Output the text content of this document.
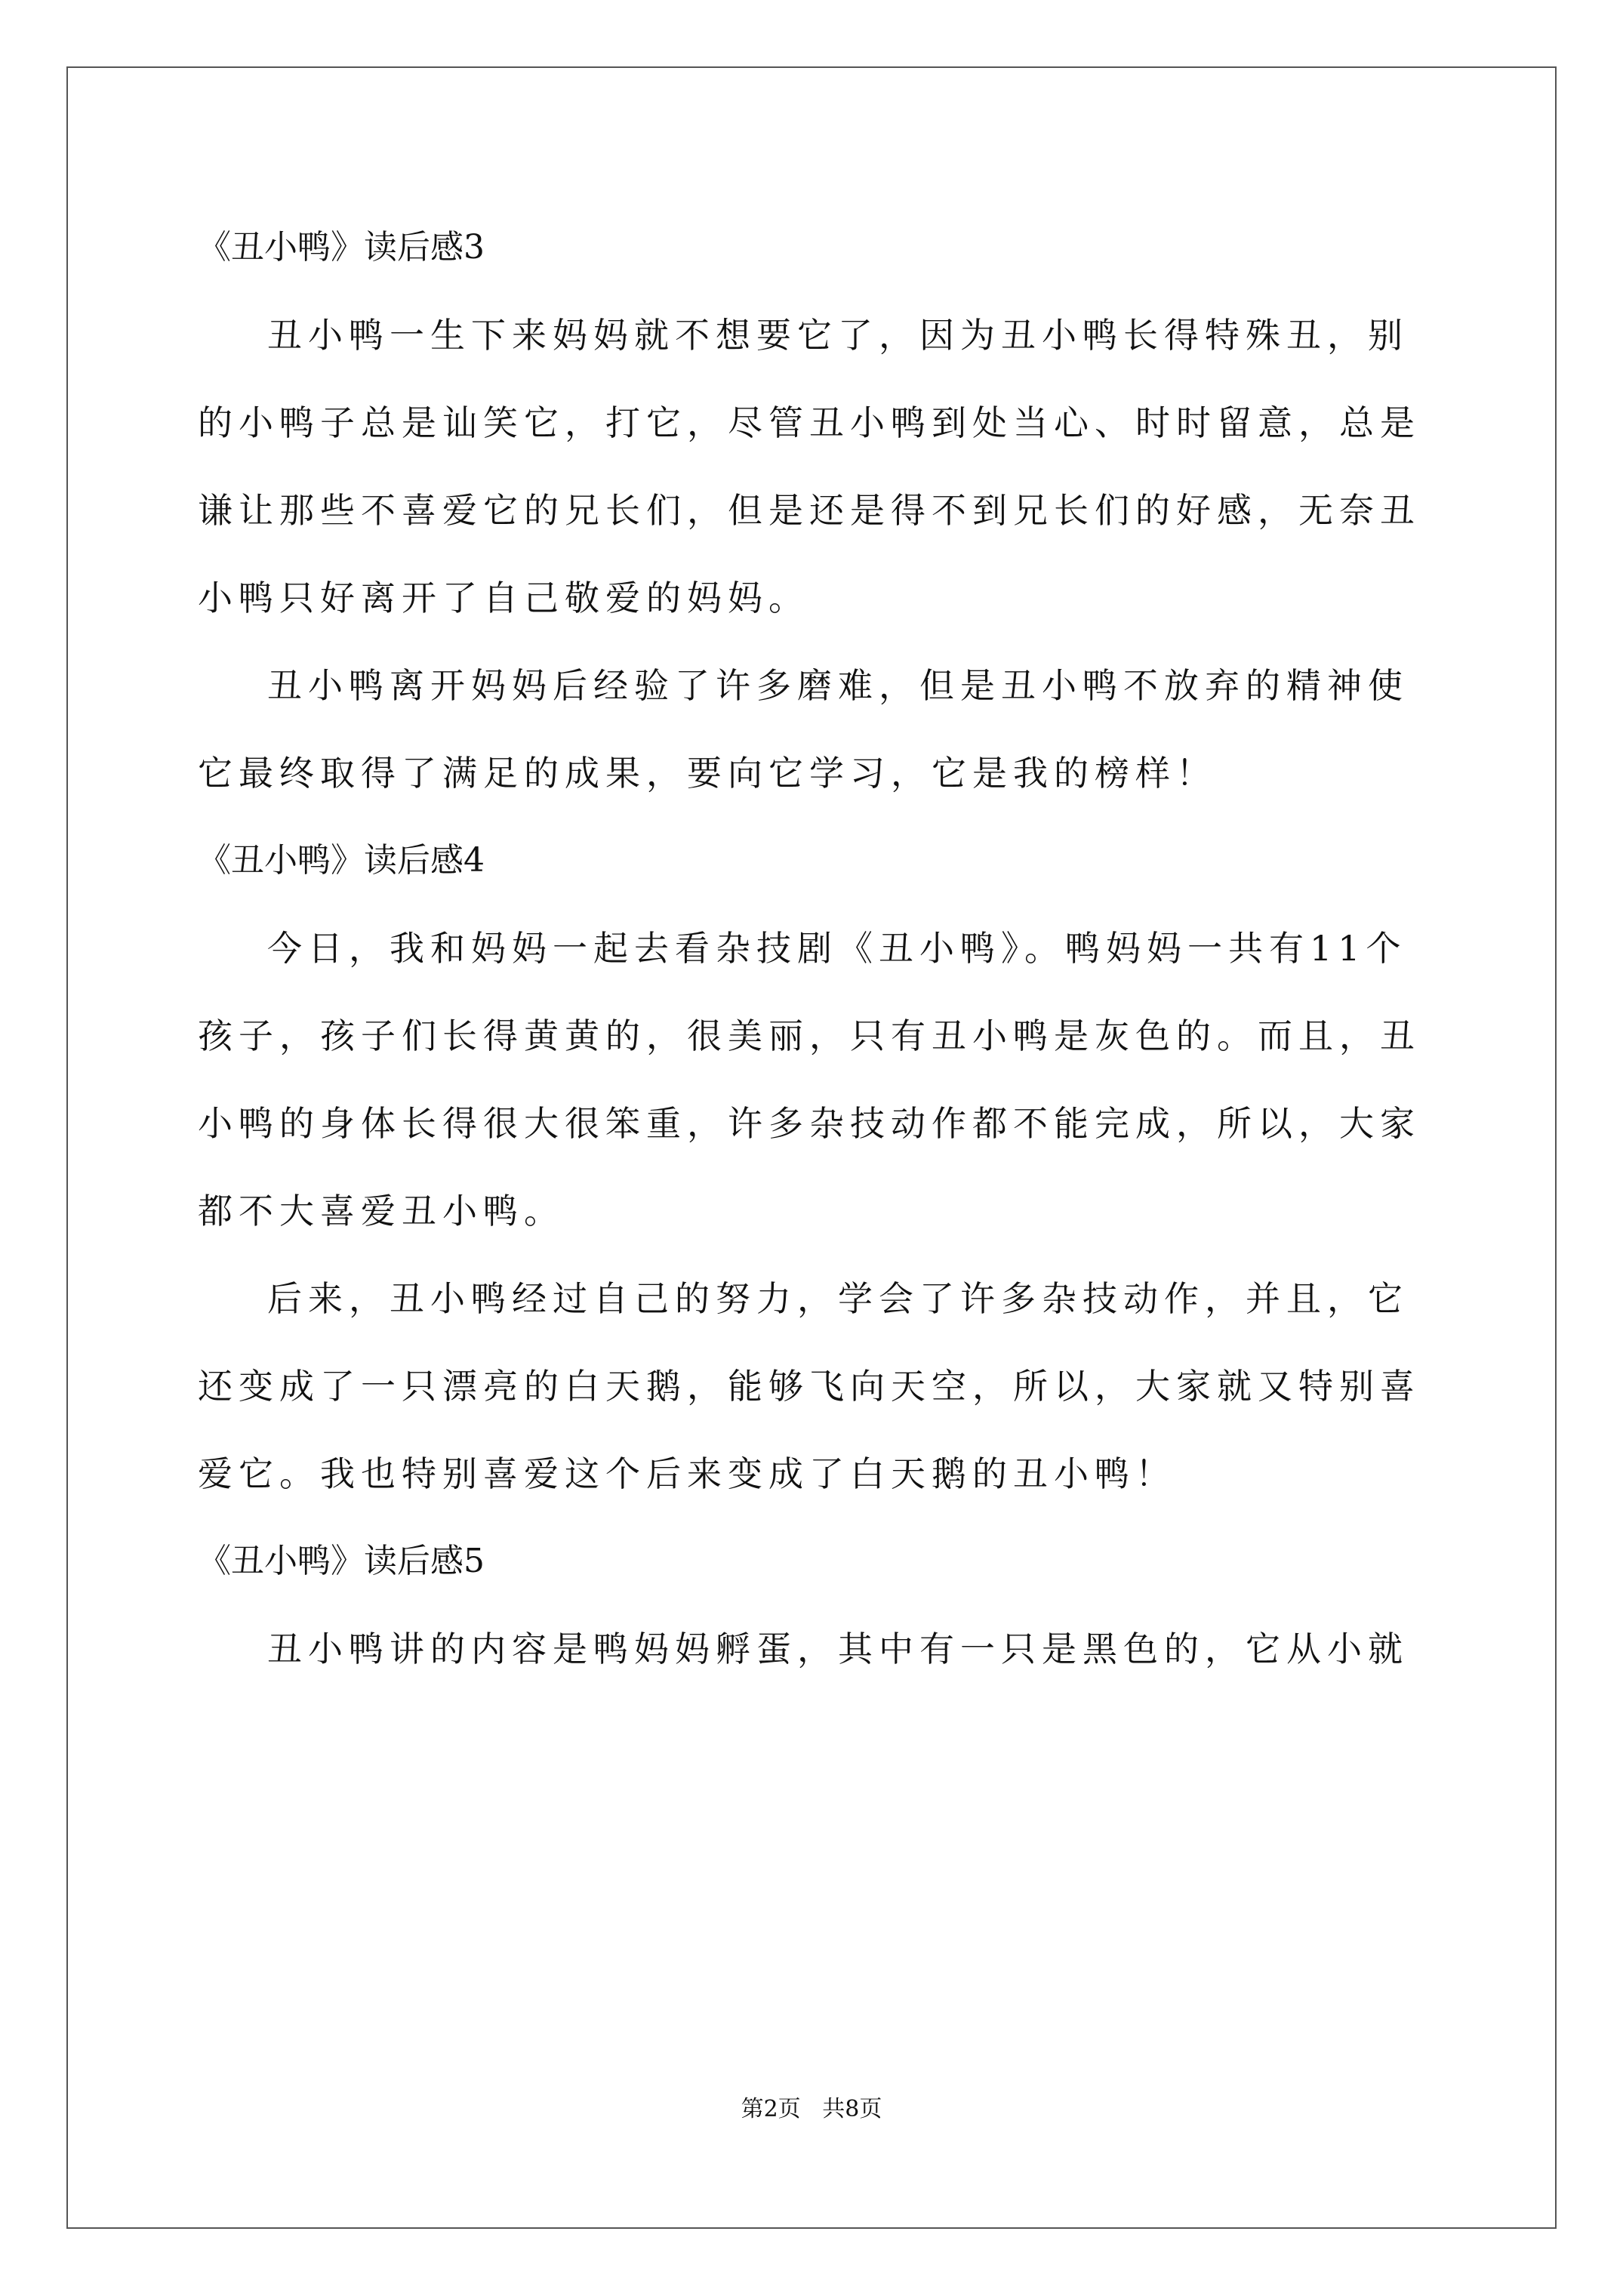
《丑小鸭》读后感3

丑小鸭一生下来妈妈就不想要它了，因为丑小鸭长得特殊丑，别的小鸭子总是讪笑它，打它，尽管丑小鸭到处当心、时时留意，总是谦让那些不喜爱它的兄长们，但是还是得不到兄长们的好感，无奈丑小鸭只好离开了自己敬爱的妈妈。

丑小鸭离开妈妈后经验了许多磨难，但是丑小鸭不放弃的精神使它最终取得了满足的成果，要向它学习，它是我的榜样！

《丑小鸭》读后感4

今日，我和妈妈一起去看杂技剧《丑小鸭》。鸭妈妈一共有11个孩子，孩子们长得黄黄的，很美丽，只有丑小鸭是灰色的。而且，丑小鸭的身体长得很大很笨重，许多杂技动作都不能完成，所以，大家都不大喜爱丑小鸭。

后来，丑小鸭经过自己的努力，学会了许多杂技动作，并且，它还变成了一只漂亮的白天鹅，能够飞向天空，所以，大家就又特别喜爱它。我也特别喜爱这个后来变成了白天鹅的丑小鸭！

《丑小鸭》读后感5

丑小鸭讲的内容是鸭妈妈孵蛋，其中有一只是黑色的，它从小就

第2页   共8页
